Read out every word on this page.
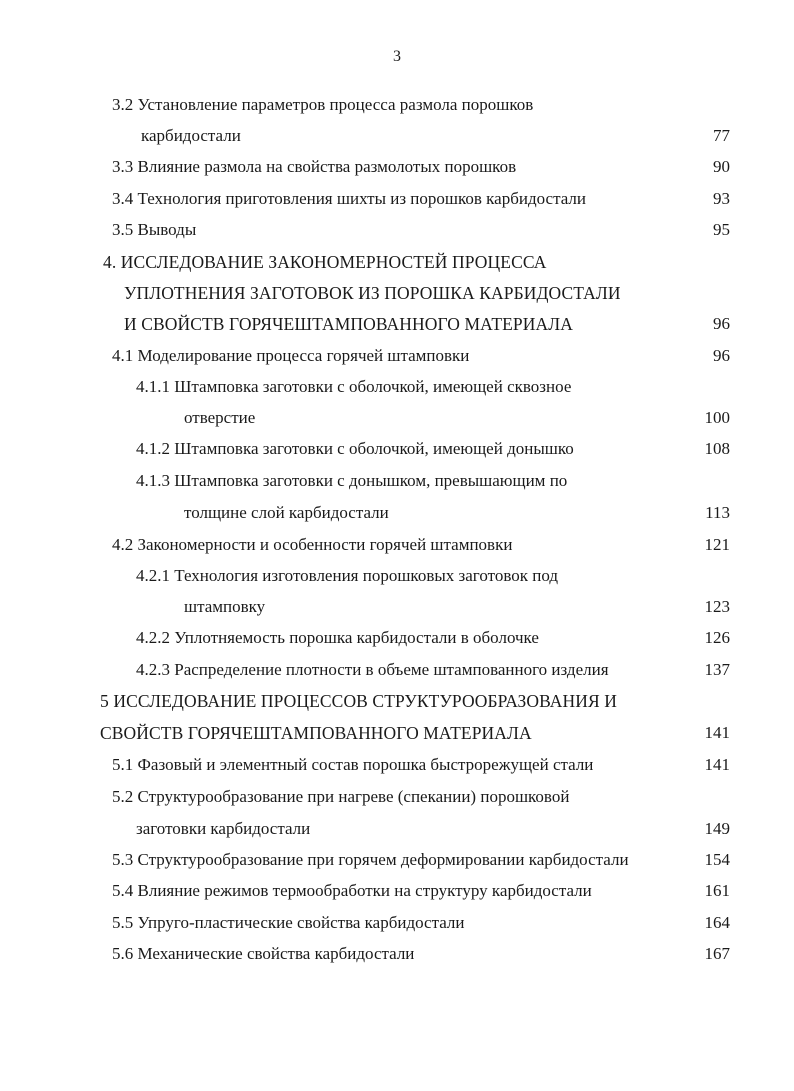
3
3.2 Установление параметров процесса размола порошков
карбидостали	77
3.3 Влияние размола на свойства размолотых порошков	90
3.4 Технология приготовления шихты из порошков карбидостали	93
3.5 Выводы	95
4. ИССЛЕДОВАНИЕ ЗАКОНОМЕРНОСТЕЙ ПРОЦЕССА
УПЛОТНЕНИЯ ЗАГОТОВОК ИЗ ПОРОШКА КАРБИДОСТАЛИ
И СВОЙСТВ ГОРЯЧЕШТАМПОВАННОГО МАТЕРИАЛА	96
4.1 Моделирование процесса горячей штамповки	96
4.1.1 Штамповка заготовки с оболочкой, имеющей сквозное
отверстие	100
4.1.2 Штамповка заготовки с оболочкой, имеющей донышко	108
4.1.3 Штамповка заготовки с донышком, превышающим по
толщине слой карбидостали	113
4.2 Закономерности и особенности горячей штамповки	121
4.2.1 Технология изготовления порошковых заготовок под
штамповку	123
4.2.2 Уплотняемость порошка карбидостали в оболочке	126
4.2.3 Распределение плотности в объеме штампованного изделия	137
5 ИССЛЕДОВАНИЕ ПРОЦЕССОВ СТРУКТУРООБРАЗОВАНИЯ И
СВОЙСТВ ГОРЯЧЕШТАМПОВАННОГО МАТЕРИАЛА	141
5.1 Фазовый и элементный состав порошка быстрорежущей стали	141
5.2 Структурообразование при нагреве (спекании) порошковой
заготовки карбидостали	149
5.3 Структурообразование при горячем деформировании карбидостали	154
5.4 Влияние режимов термообработки на структуру карбидостали	161
5.5 Упруго-пластические свойства карбидостали	164
5.6 Механические свойства карбидостали	167
